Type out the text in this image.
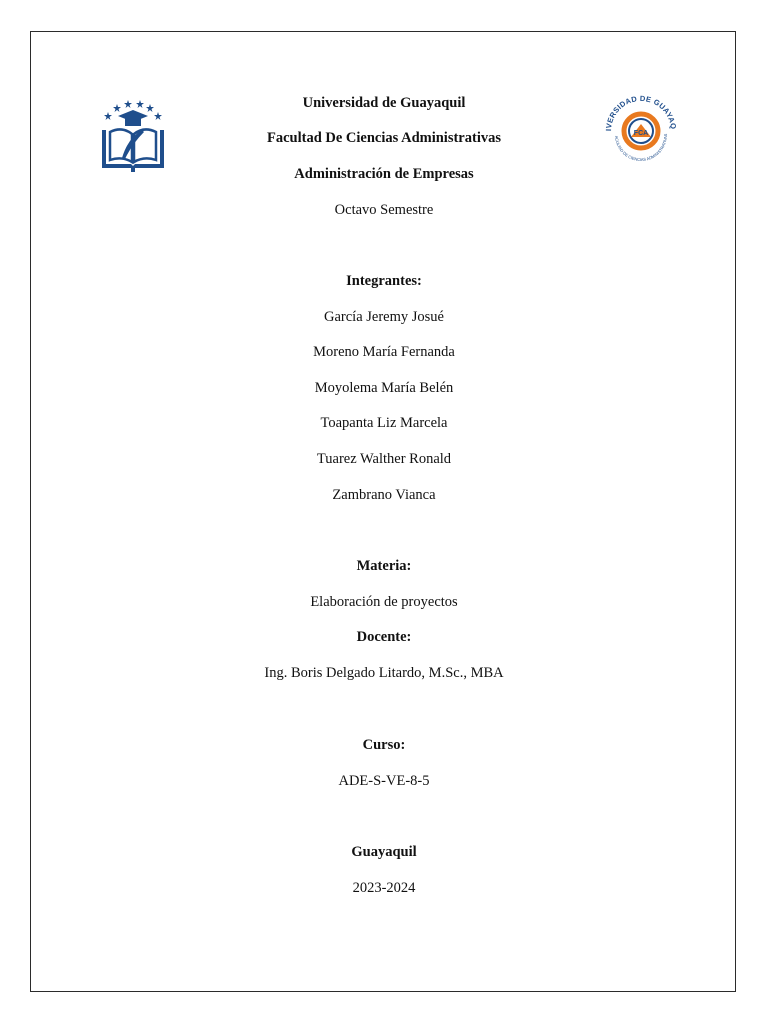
IVERSIDAD DE GUAYAQ
ACULTAD DE CIENCIAS ADMINISTRATIVAS
FCA
Universidad de Guayaquil
Facultad De Ciencias Administrativas
Administración de Empresas
Octavo Semestre
Integrantes:
García Jeremy Josué
Moreno María Fernanda
Moyolema María Belén
Toapanta Liz Marcela
Tuarez Walther Ronald
Zambrano Vianca
Materia:
Elaboración de proyectos
Docente:
Ing. Boris Delgado Litardo, M.Sc., MBA
Curso:
ADE-S-VE-8-5
Guayaquil
2023-2024
